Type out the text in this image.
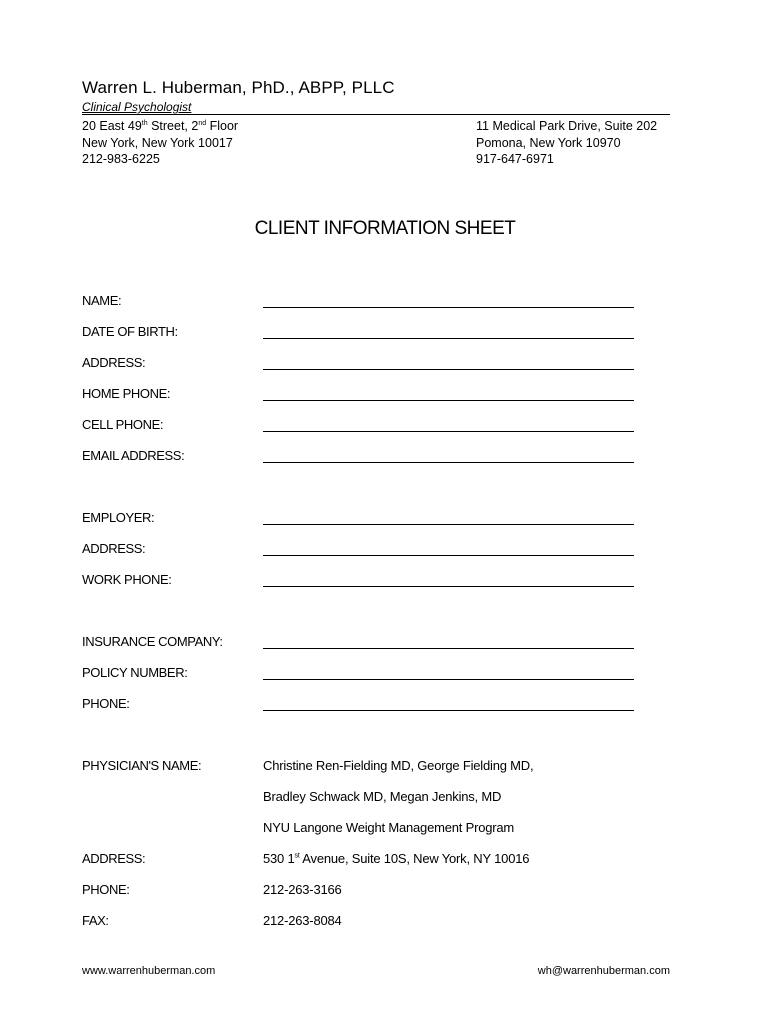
Warren L. Huberman, PhD., ABPP, PLLC

Clinical Psychologist
20 East 49th Street, 2nd Floor
New York, New York 10017
212-983-6225
11 Medical Park Drive, Suite 202
Pomona, New York 10970
917-647-6971
CLIENT INFORMATION SHEET
NAME:
DATE OF BIRTH:
ADDRESS:
HOME PHONE:
CELL PHONE:
EMAIL ADDRESS:
EMPLOYER:
ADDRESS:
WORK PHONE:
INSURANCE COMPANY:
POLICY NUMBER:
PHONE:
PHYSICIAN'S NAME:	Christine Ren-Fielding MD, George Fielding MD,
Bradley Schwack MD, Megan Jenkins, MD
NYU Langone Weight Management Program
ADDRESS:	530 1st Avenue, Suite 10S, New York, NY 10016
PHONE:	212-263-3166
FAX:	212-263-8084
www.warrenhuberman.com	wh@warrenhuberman.com
